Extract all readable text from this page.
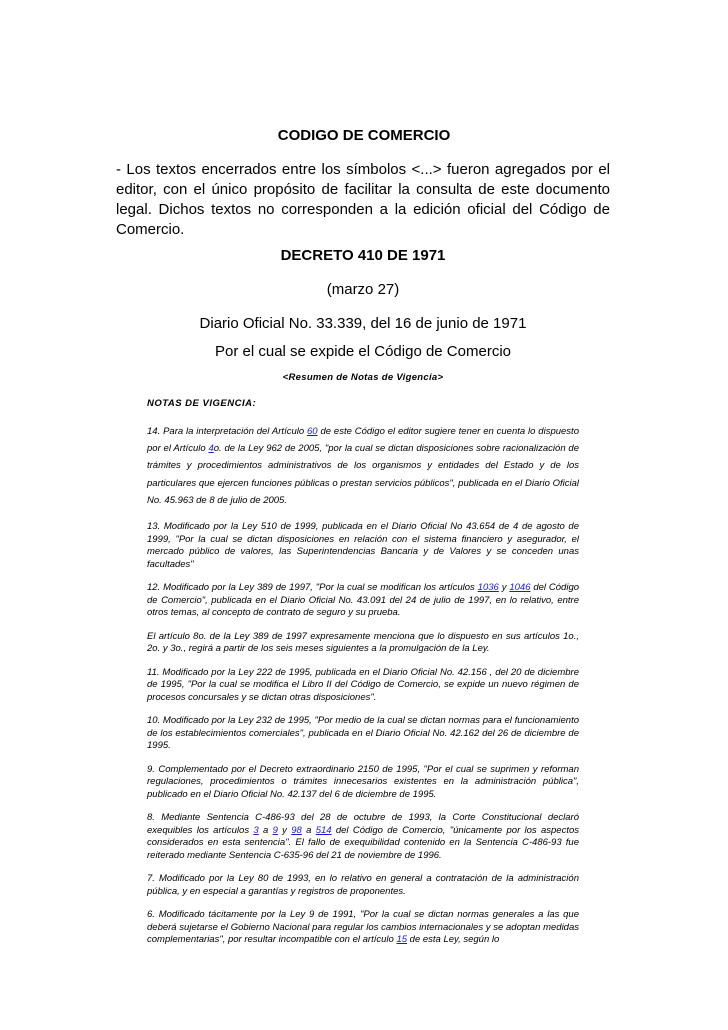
CODIGO DE COMERCIO
- Los textos encerrados entre los símbolos <...> fueron agregados por el editor, con el único propósito de facilitar la consulta de este documento legal. Dichos textos no corresponden a la edición oficial del Código de Comercio.
DECRETO 410 DE 1971
(marzo 27)
Diario Oficial No. 33.339, del 16 de junio de 1971
Por el cual se expide el Código de Comercio
<Resumen de Notas de Vigencia>
NOTAS DE VIGENCIA:

14. Para la interpretación del Artículo 60 de este Código el editor sugiere tener en cuenta lo dispuesto por el Artículo 4o. de la Ley 962 de 2005, "por la cual se dictan disposiciones sobre racionalización de trámites y procedimientos administrativos de los organismos y entidades del Estado y de los particulares que ejercen funciones públicas o prestan servicios públicos", publicada en el Diario Oficial No. 45.963 de 8 de julio de 2005.

13. Modificado por la Ley 510 de 1999, publicada en el Diario Oficial No 43.654 de 4 de agosto de 1999, "Por la cual se dictan disposiciones en relación con el sistema financiero y asegurador, el mercado público de valores, las Superintendencias Bancaria y de Valores y se conceden unas facultades"

12. Modificado por la Ley 389 de 1997, "Por la cual se modifican los artículos 1036 y 1046 del Código de Comercio", publicada en el Diario Oficial No. 43.091 del 24 de julio de 1997, en lo relativo, entre otros temas, al concepto de contrato de seguro y su prueba.

El artículo 8o. de la Ley 389 de 1997 expresamente menciona que lo dispuesto en sus artículos 1o., 2o. y 3o., regirá a partir de los seis meses siguientes a la promulgación de la Ley.

11. Modificado por la Ley 222 de 1995, publicada en el Diario Oficial No. 42.156 , del 20 de diciembre de 1995, "Por la cual se modifica el Libro II del Código de Comercio, se expide un nuevo régimen de procesos concursales y se dictan otras disposiciones".

10. Modificado por la Ley 232 de 1995, "Por medio de la cual se dictan normas para el funcionamiento de los establecimientos comerciales", publicada en el Diario Oficial No. 42.162 del 26 de diciembre de 1995.

9. Complementado por el Decreto extraordinario 2150 de 1995, "Por el cual se suprimen y reforman regulaciones, procedimientos o trámites innecesarios existentes en la administración pública", publicado en el Diario Oficial No. 42.137 del 6 de diciembre de 1995.

8. Mediante Sentencia C-486-93 del 28 de octubre de 1993, la Corte Constitucional declaró exequibles los artículos 3 a 9 y 98 a 514 del Código de Comercio, "únicamente por los aspectos considerados en esta sentencia". El fallo de exequibilidad contenido en la Sentencia C-486-93 fue reiterado mediante Sentencia C-635-96 del 21 de noviembre de 1996.

7. Modificado por la Ley 80 de 1993, en lo relativo en general a contratación de la administración pública, y en especial a garantías y registros de proponentes.

6. Modificado tácitamente por la Ley 9 de 1991, "Por la cual se dictan normas generales a las que deberá sujetarse el Gobierno Nacional para regular los cambios internacionales y se adoptan medidas complementarias", por resultar incompatible con el artículo 15 de esta Ley, según lo
